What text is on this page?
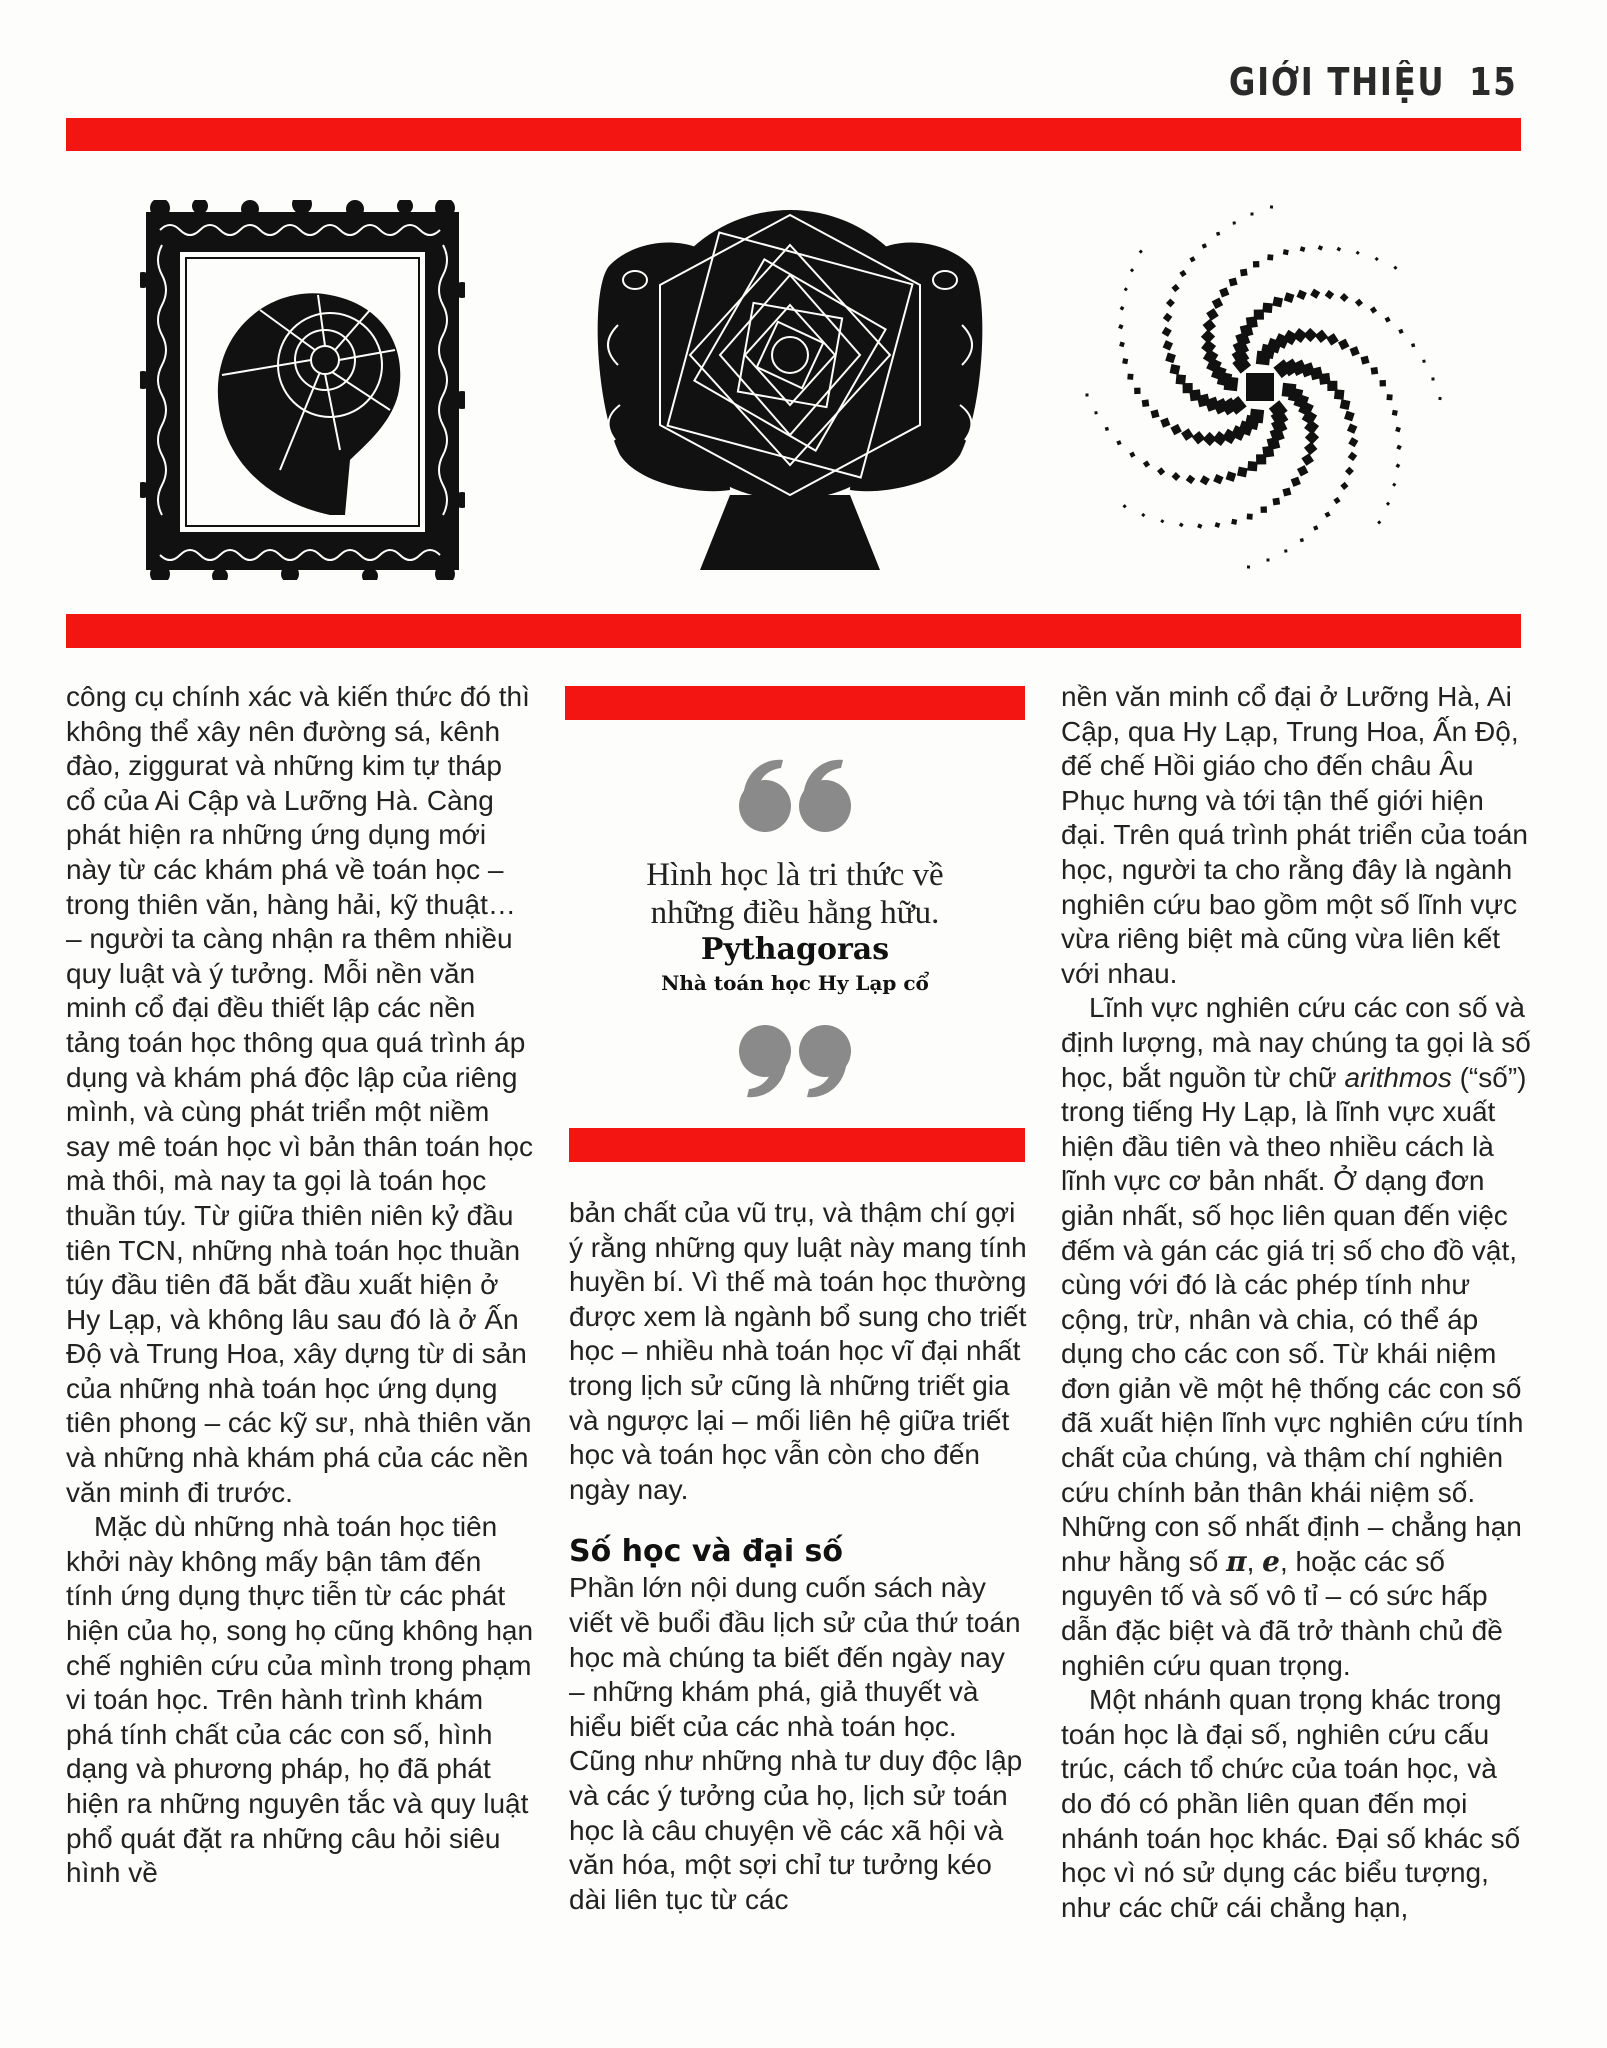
GIỚI THIỆU 15
Hình học là tri thức về
những điều hằng hữu.
Pythagoras
Nhà toán học Hy Lạp cổ

công cụ chính xác và kiến thức đó thì không thể xây nên đường sá, kênh đào, ziggurat và những kim tự tháp cổ của Ai Cập và Lưỡng Hà. Càng phát hiện ra những ứng dụng mới này từ các khám phá về toán học – trong thiên văn, hàng hải, kỹ thuật… – người ta càng nhận ra thêm nhiều quy luật và ý tưởng. Mỗi nền văn minh cổ đại đều thiết lập các nền tảng toán học thông qua quá trình áp dụng và khám phá độc lập của riêng mình, và cùng phát triển một niềm say mê toán học vì bản thân toán học mà thôi, mà nay ta gọi là toán học thuần túy. Từ giữa thiên niên kỷ đầu tiên TCN, những nhà toán học thuần túy đầu tiên đã bắt đầu xuất hiện ở Hy Lạp, và không lâu sau đó là ở Ấn Độ và Trung Hoa, xây dựng từ di sản của những nhà toán học ứng dụng tiên phong – các kỹ sư, nhà thiên văn và những nhà khám phá của các nền văn minh đi trước.

Mặc dù những nhà toán học tiên khởi này không mấy bận tâm đến tính ứng dụng thực tiễn từ các phát hiện của họ, song họ cũng không hạn chế nghiên cứu của mình trong phạm vi toán học. Trên hành trình khám phá tính chất của các con số, hình dạng và phương pháp, họ đã phát hiện ra những nguyên tắc và quy luật phổ quát đặt ra những câu hỏi siêu hình về

bản chất của vũ trụ, và thậm chí gợi ý rằng những quy luật này mang tính huyền bí. Vì thế mà toán học thường được xem là ngành bổ sung cho triết học – nhiều nhà toán học vĩ đại nhất trong lịch sử cũng là những triết gia và ngược lại – mối liên hệ giữa triết học và toán học vẫn còn cho đến ngày nay.

Số học và đại số

Phần lớn nội dung cuốn sách này viết về buổi đầu lịch sử của thứ toán học mà chúng ta biết đến ngày nay – những khám phá, giả thuyết và hiểu biết của các nhà toán học. Cũng như những nhà tư duy độc lập và các ý tưởng của họ, lịch sử toán học là câu chuyện về các xã hội và văn hóa, một sợi chỉ tư tưởng kéo dài liên tục từ các

nền văn minh cổ đại ở Lưỡng Hà, Ai Cập, qua Hy Lạp, Trung Hoa, Ấn Độ, đế chế Hồi giáo cho đến châu Âu Phục hưng và tới tận thế giới hiện đại. Trên quá trình phát triển của toán học, người ta cho rằng đây là ngành nghiên cứu bao gồm một số lĩnh vực vừa riêng biệt mà cũng vừa liên kết với nhau.

Lĩnh vực nghiên cứu các con số và định lượng, mà nay chúng ta gọi là số học, bắt nguồn từ chữ arithmos (“số”) trong tiếng Hy Lạp, là lĩnh vực xuất hiện đầu tiên và theo nhiều cách là lĩnh vực cơ bản nhất. Ở dạng đơn giản nhất, số học liên quan đến việc đếm và gán các giá trị số cho đồ vật, cùng với đó là các phép tính như cộng, trừ, nhân và chia, có thể áp dụng cho các con số. Từ khái niệm đơn giản về một hệ thống các con số đã xuất hiện lĩnh vực nghiên cứu tính chất của chúng, và thậm chí nghiên cứu chính bản thân khái niệm số. Những con số nhất định – chẳng hạn như hằng số π, e, hoặc các số nguyên tố và số vô tỉ – có sức hấp dẫn đặc biệt và đã trở thành chủ đề nghiên cứu quan trọng.

Một nhánh quan trọng khác trong toán học là đại số, nghiên cứu cấu trúc, cách tổ chức của toán học, và do đó có phần liên quan đến mọi nhánh toán học khác. Đại số khác số học vì nó sử dụng các biểu tượng, như các chữ cái chẳng hạn,
